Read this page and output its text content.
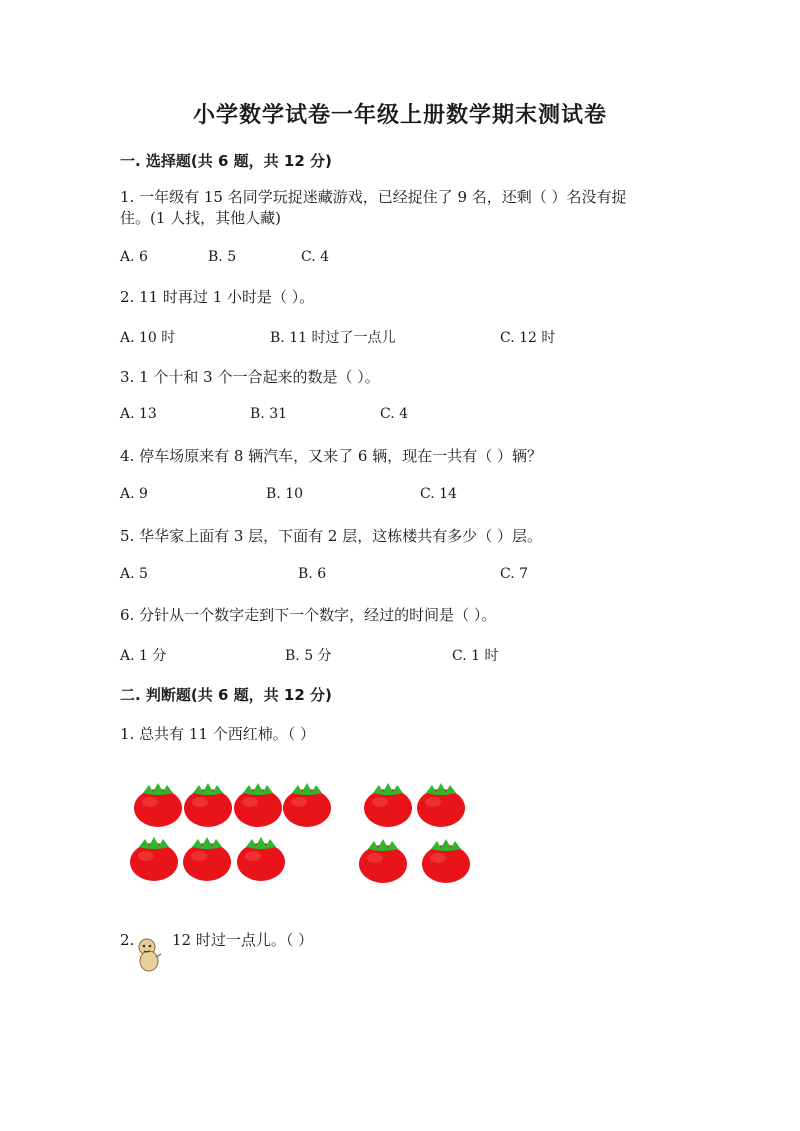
小学数学试卷一年级上册数学期末测试卷
一. 选择题(共 6 题，共 12 分)
1. 一年级有 15 名同学玩捉迷藏游戏，已经捉住了 9 名，还剩（ ）名没有捉
住。(1 人找，其他人藏)
A. 6	B. 5	C. 4
2. 11 时再过 1 小时是（ ）。
A. 10 时	B. 11 时过了一点儿	C. 12 时
3. 1 个十和 3 个一合起来的数是（ ）。
A. 13	B. 31	C. 4
4. 停车场原来有 8 辆汽车，又来了 6 辆，现在一共有（ ）辆？
A. 9	B. 10	C. 14
5. 华华家上面有 3 层，下面有 2 层，这栋楼共有多少（ ）层。
A. 5	B. 6	C. 7
6. 分针从一个数字走到下一个数字，经过的时间是（ ）。
A. 1 分	B. 5 分	C. 1 时
二. 判断题(共 6 题，共 12 分)
1. 总共有 11 个西红柿。（ ）
2.	12 时过一点儿。（ ）
